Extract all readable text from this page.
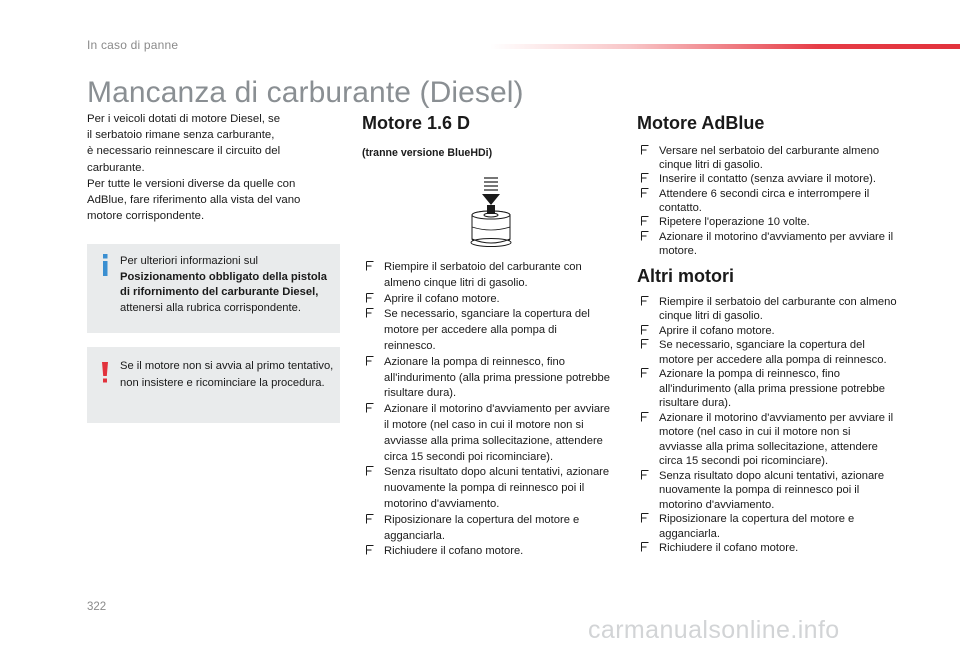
In caso di panne
Mancanza di carburante (Diesel)

Per i veicoli dotati di motore Diesel, se
il serbatoio rimane senza carburante,
è necessario reinnescare il circuito del
carburante.
Per tutte le versioni diverse da quelle con
AdBlue, fare riferimento alla vista del vano
motore corrispondente.

Per ulteriori informazioni sul Posizionamento obbligato della pistola di rifornimento del carburante Diesel, attenersi alla rubrica corrispondente.

Se il motore non si avvia al primo tentativo, non insistere e ricominciare la procedura.

Motore 1.6 D

(tranne versione BlueHDi)

Riempire il serbatoio del carburante con almeno cinque litri di gasolio.
Aprire il cofano motore.
Se necessario, sganciare la copertura del motore per accedere alla pompa di reinnesco.
Azionare la pompa di reinnesco, fino all'indurimento (alla prima pressione potrebbe risultare dura).
Azionare il motorino d'avviamento per avviare il motore (nel caso in cui il motore non si avviasse alla prima sollecitazione, attendere circa 15 secondi poi ricominciare).
Senza risultato dopo alcuni tentativi, azionare nuovamente la pompa di reinnesco poi il motorino d'avviamento.
Riposizionare la copertura del motore e agganciarla.
Richiudere il cofano motore.
Motore AdBlue
Versare nel serbatoio del carburante almeno cinque litri di gasolio.
Inserire il contatto (senza avviare il motore).
Attendere 6 secondi circa e interrompere il contatto.
Ripetere l'operazione 10 volte.
Azionare il motorino d'avviamento per avviare il motore.
Altri motori
Riempire il serbatoio del carburante con almeno cinque litri di gasolio.
Aprire il cofano motore.
Se necessario, sganciare la copertura del motore per accedere alla pompa di reinnesco.
Azionare la pompa di reinnesco, fino all'indurimento (alla prima pressione potrebbe risultare dura).
Azionare il motorino d'avviamento per avviare il motore (nel caso in cui il motore non si avviasse alla prima sollecitazione, attendere circa 15 secondi poi ricominciare).
Senza risultato dopo alcuni tentativi, azionare nuovamente la pompa di reinnesco poi il motorino d'avviamento.
Riposizionare la copertura del motore e agganciarla.
Richiudere il cofano motore.
322
carmanualsonline.info
